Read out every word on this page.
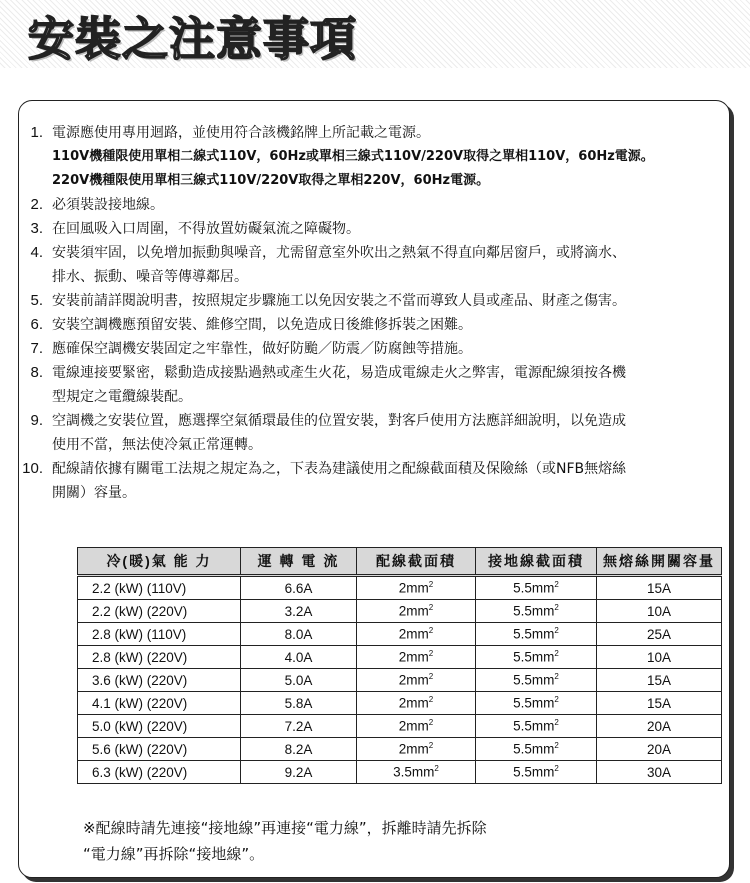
安裝之注意事項
1. 電源應使用專用迴路，並使用符合該機銘牌上所記載之電源。
110V機種限使用單相二線式110V，60Hz或單相三線式110V/220V取得之單相110V，60Hz電源。
220V機種限使用單相三線式110V/220V取得之單相220V，60Hz電源。
2. 必須裝設接地線。
3. 在回風吸入口周圍，不得放置妨礙氣流之障礙物。
4. 安裝須牢固，以免增加振動與噪音，尤需留意室外吹出之熱氣不得直向鄰居窗戶，或將滴水、
排水、振動、噪音等傳導鄰居。
5. 安裝前請詳閱說明書，按照規定步驟施工以免因安裝之不當而導致人員或產品、財產之傷害。
6. 安裝空調機應預留安裝、維修空間，以免造成日後維修拆裝之困難。
7. 應確保空調機安裝固定之牢靠性，做好防颱／防震／防腐蝕等措施。
8. 電線連接要緊密，鬆動造成接點過熱或產生火花，易造成電線走火之弊害，電源配線須按各機
型規定之電纜線裝配。
9. 空調機之安裝位置，應選擇空氣循環最佳的位置安裝，對客戶使用方法應詳細說明，以免造成
使用不當，無法使冷氣正常運轉。
10. 配線請依據有關電工法規之規定為之，下表為建議使用之配線截面積及保險絲（或NFB無熔絲
開關）容量。
冷(暖)氣 能 力	運 轉 電 流	配線截面積	接地線截面積	無熔絲開關容量
2.2 (kW) (110V)	6.6A	$2mm^2$	$5.5mm^2$	15A
2.2 (kW) (220V)	3.2A	$2mm^2$	$5.5mm^2$	10A
2.8 (kW) (110V)	8.0A	$2mm^2$	$5.5mm^2$	25A
2.8 (kW) (220V)	4.0A	$2mm^2$	$5.5mm^2$	10A
3.6 (kW) (220V)	5.0A	$2mm^2$	$5.5mm^2$	15A
4.1 (kW) (220V)	5.8A	$2mm^2$	$5.5mm^2$	15A
5.0 (kW) (220V)	7.2A	$2mm^2$	$5.5mm^2$	20A
5.6 (kW) (220V)	8.2A	$2mm^2$	$5.5mm^2$	20A
6.3 (kW) (220V)	9.2A	$3.5mm^2$	$5.5mm^2$	30A
※配線時請先連接“接地線”再連接“電力線”，拆離時請先拆除
“電力線”再拆除“接地線”。
